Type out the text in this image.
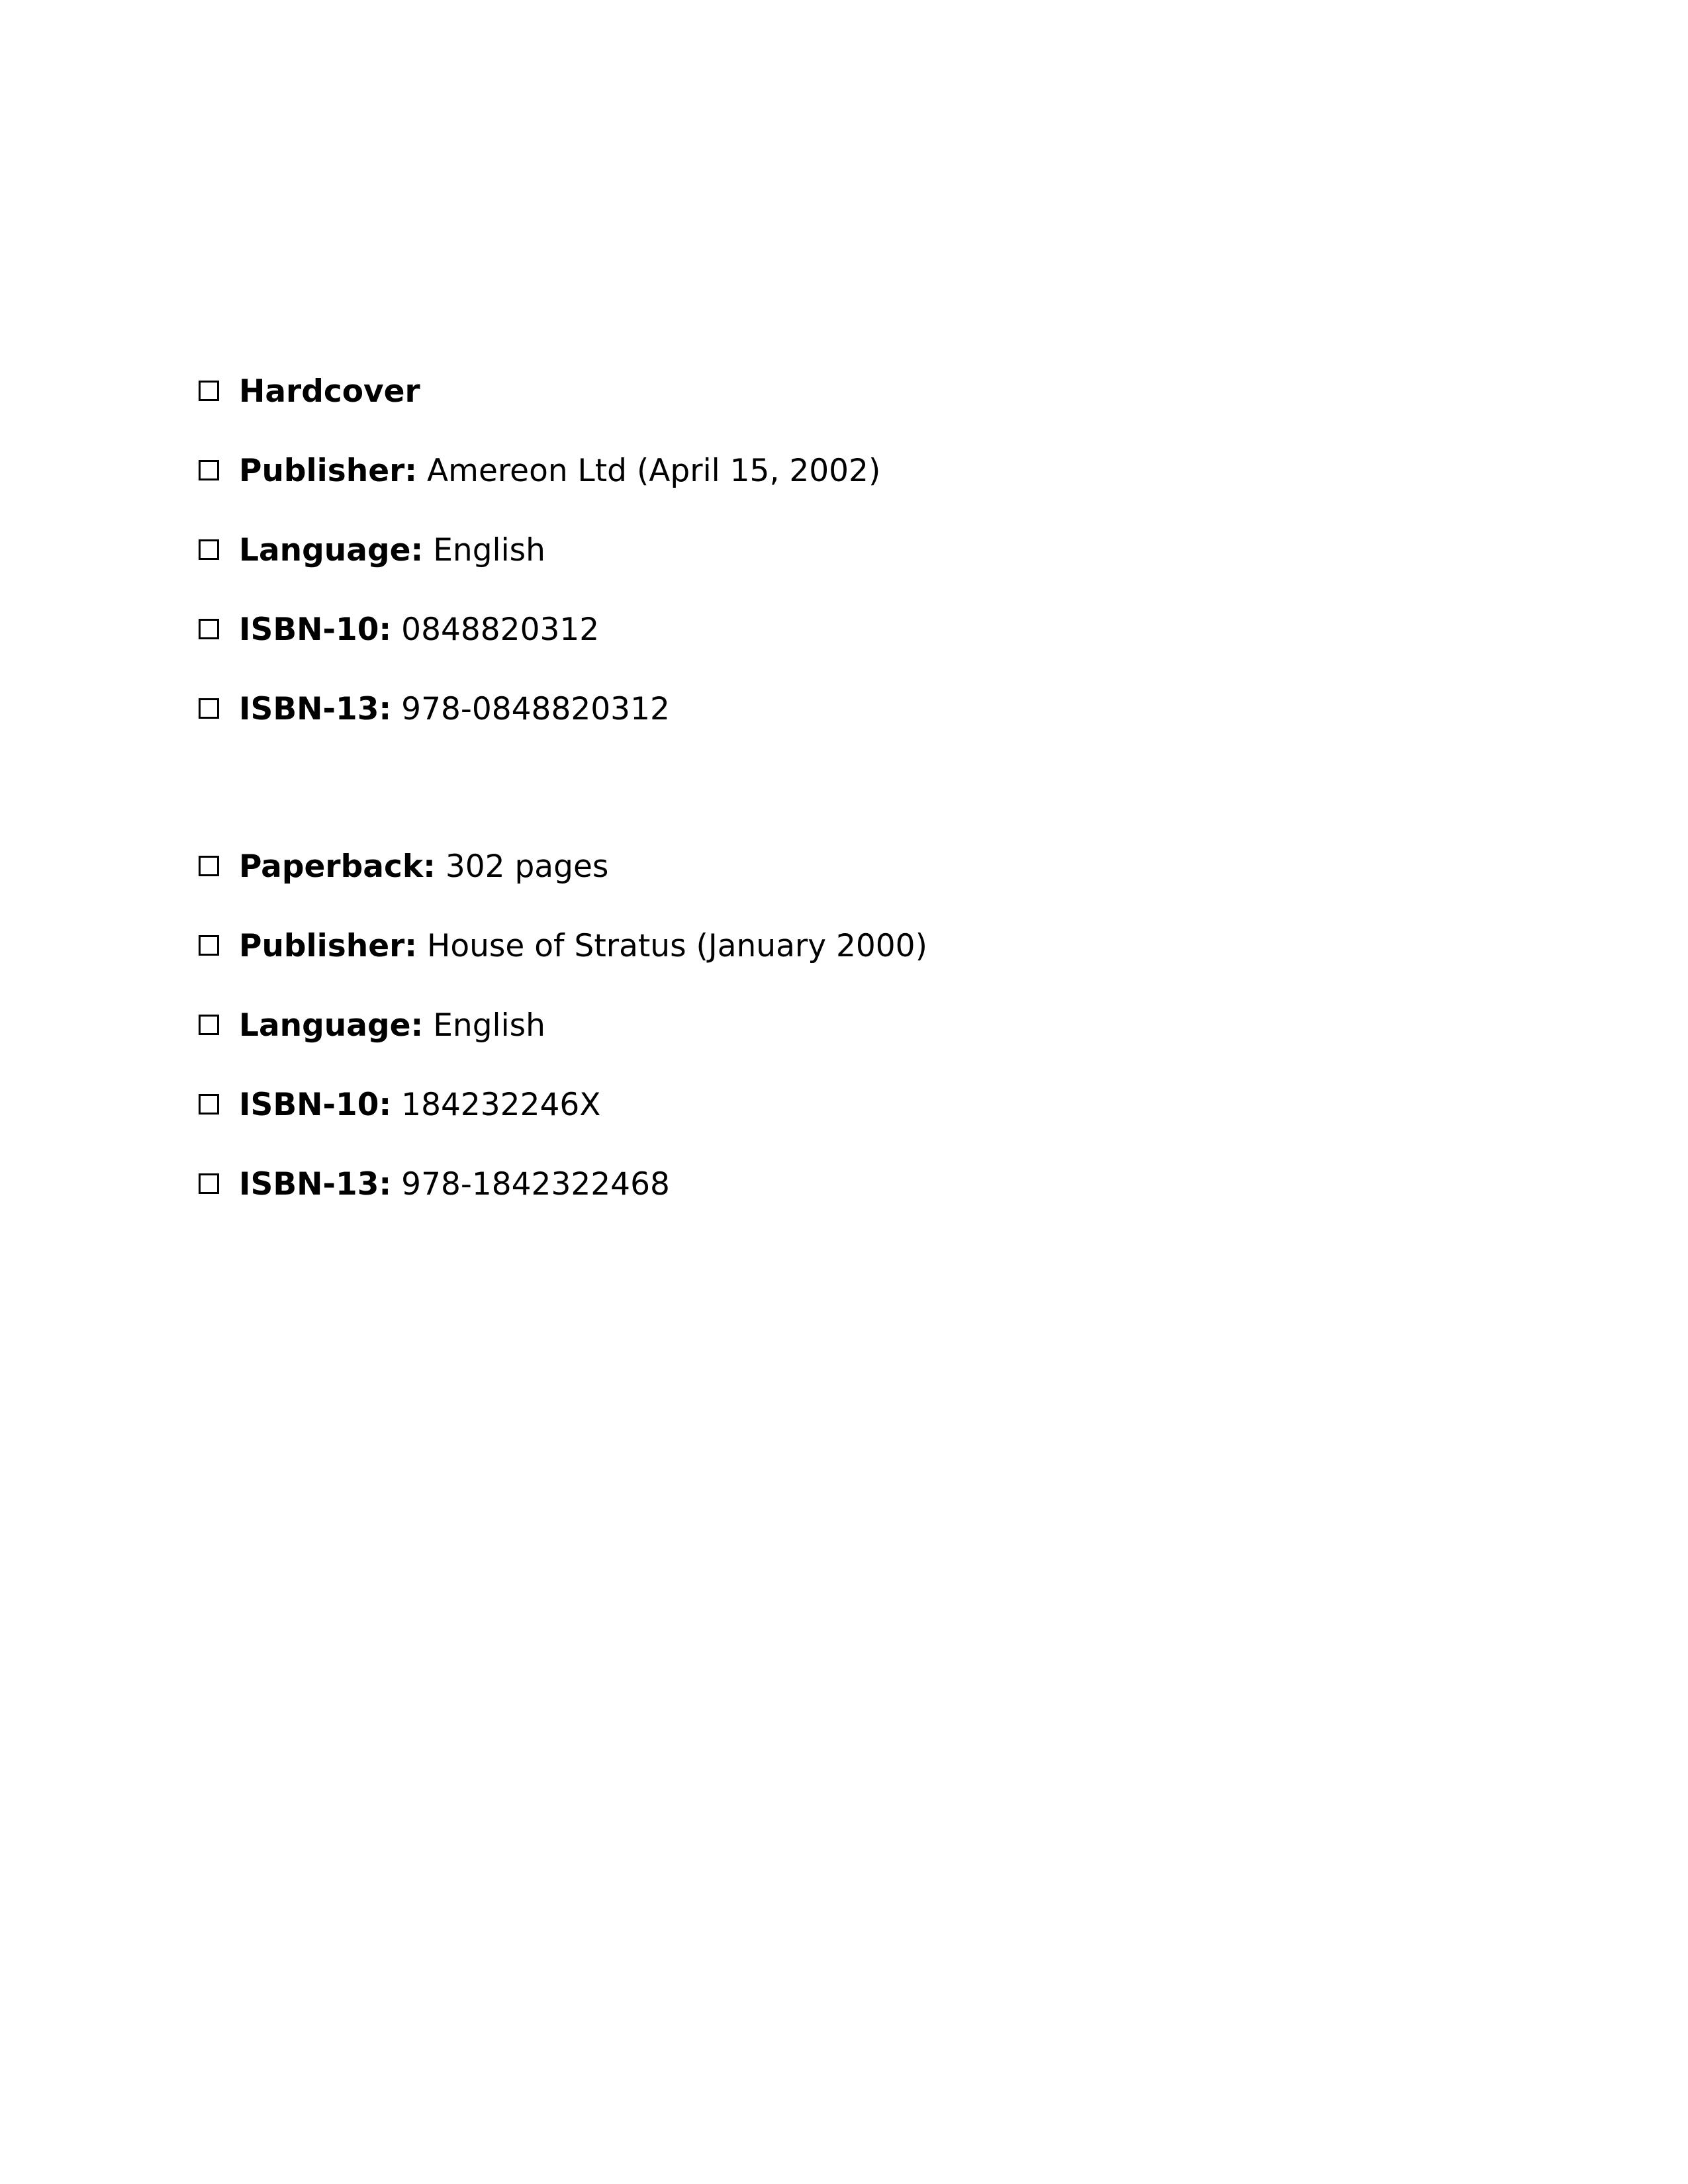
Hardcover
Publisher:
Amereon Ltd (April 15, 2002)
Language:
English
ISBN-10:
0848820312
ISBN-13:
978-0848820312
Paperback:
302 pages
Publisher:
House of Stratus (January 2000)
Language:
English
ISBN-10:
184232246X
ISBN-13:
978-1842322468
